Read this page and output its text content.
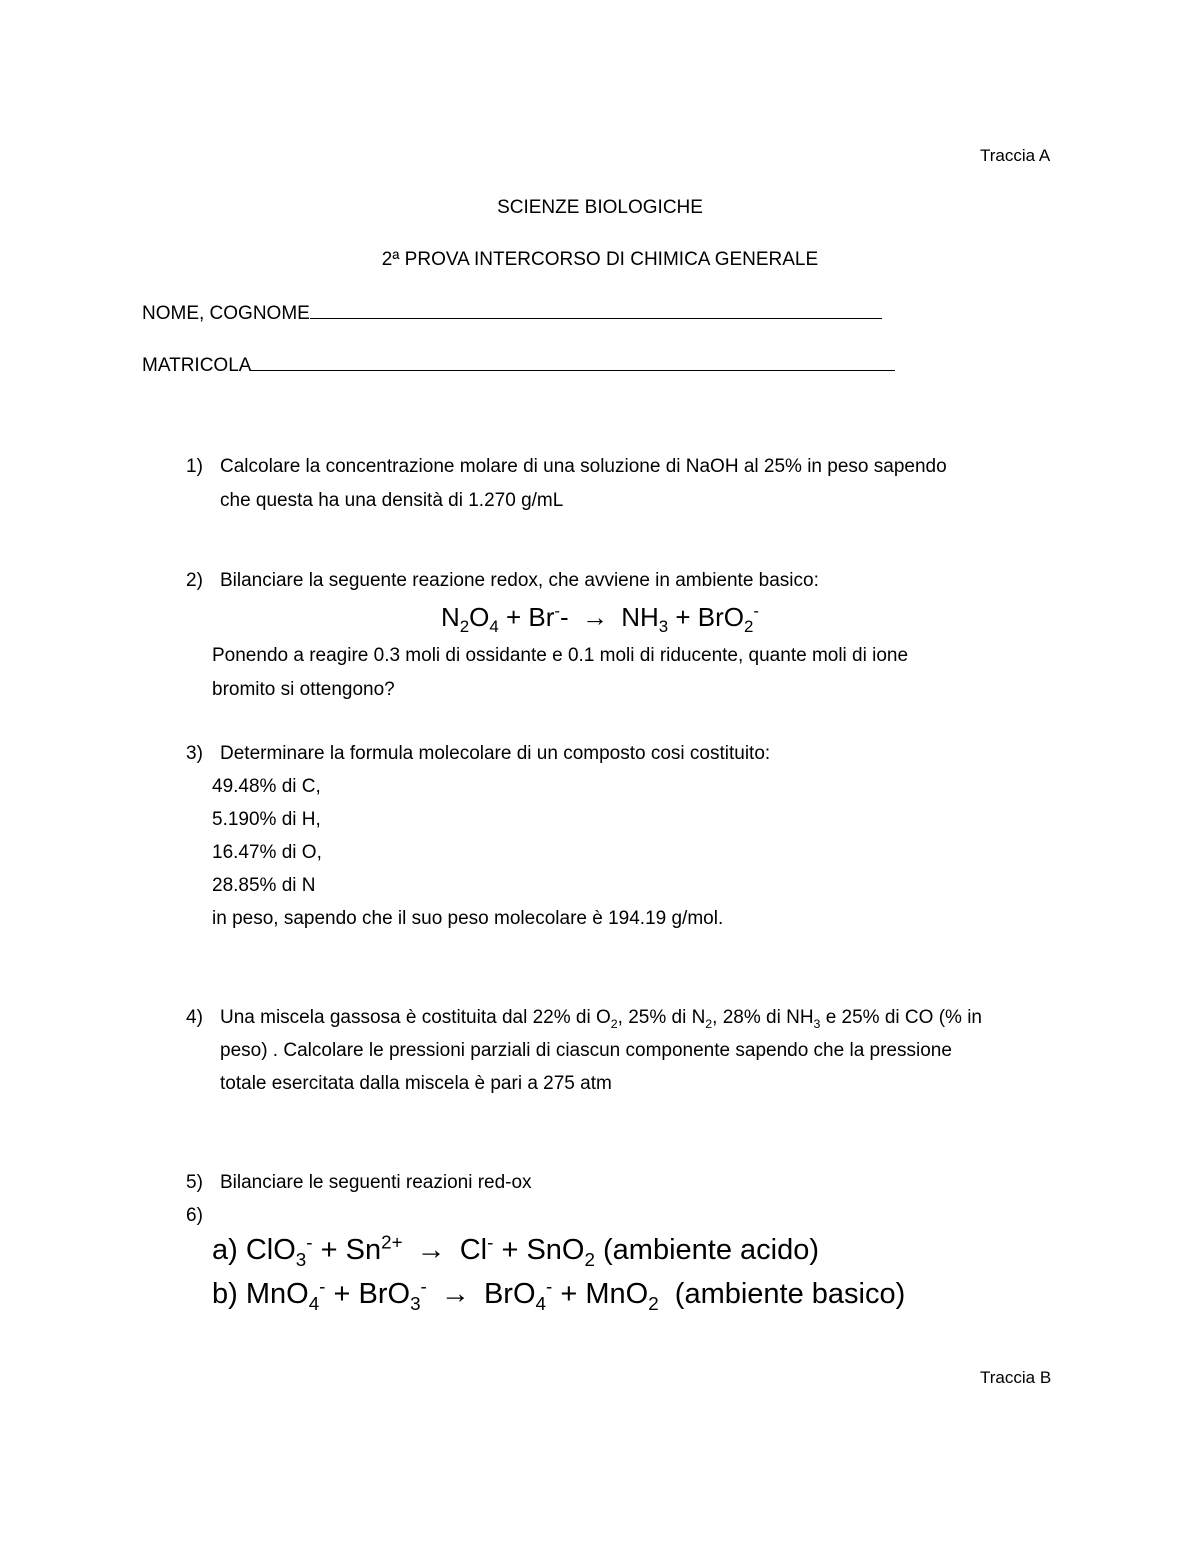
Traccia A
SCIENZE BIOLOGICHE
2ª PROVA INTERCORSO DI CHIMICA GENERALE
NOME, COGNOME
MATRICOLA
1) Calcolare la concentrazione molare di una soluzione di NaOH al 25% in peso sapendo
che questa ha una densità di 1.270 g/mL
2) Bilanciare la seguente reazione redox, che avviene in ambiente basico:
$N_2O_4 + Br^-- \to NH_3 + BrO_2^-$
Ponendo a reagire 0.3 moli di ossidante e 0.1 moli di riducente, quante moli di ione
bromito si ottengono?
3) Determinare la formula molecolare di un composto cosi costituito:
49.48% di C,
5.190% di H,
16.47% di O,
28.85% di N
in peso, sapendo che il suo peso molecolare è 194.19 g/mol.
4) Una miscela gassosa è costituita dal 22% di $O_2$, 25% di $N_2$, 28% di $NH_3$ e 25% di CO (% in
peso) . Calcolare le pressioni parziali di ciascun componente sapendo che la pressione
totale esercitata dalla miscela è pari a 275 atm
5) Bilanciare le seguenti reazioni red-ox
6)
a) $ClO_3^- + Sn^{2+} \to Cl^- + SnO_2$ (ambiente acido)
b) MnO$_4$- + BrO$_3$- → BrO$_4$- + MnO$_2$  (ambiente basico)
Traccia B
